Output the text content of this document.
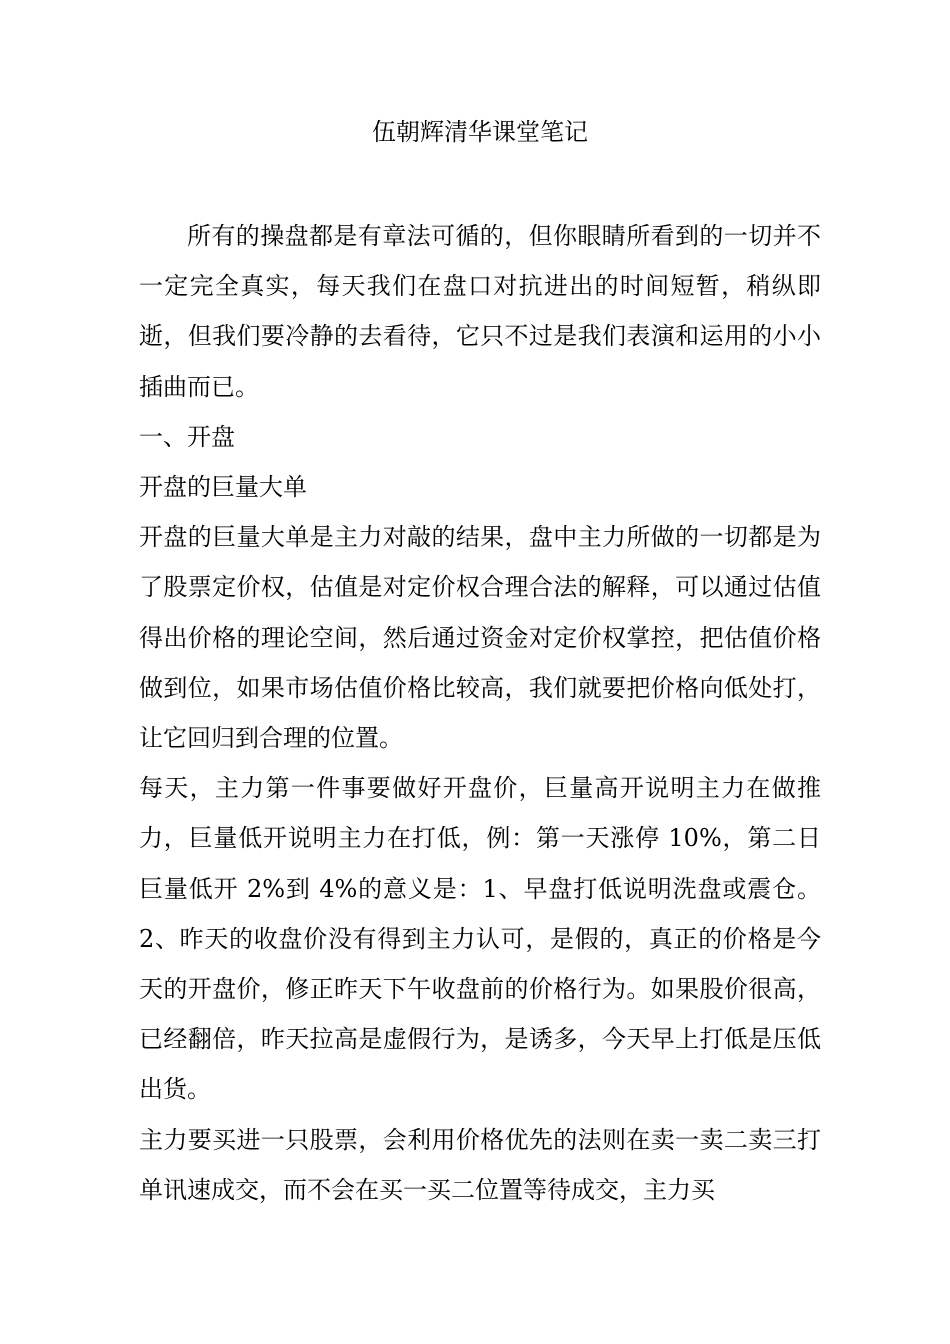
伍朝辉清华课堂笔记

所有的操盘都是有章法可循的，但你眼睛所看到的一切并不一定完全真实，每天我们在盘口对抗进出的时间短暂，稍纵即逝，但我们要冷静的去看待，它只不过是我们表演和运用的小小插曲而已。

一、开盘

开盘的巨量大单

开盘的巨量大单是主力对敲的结果，盘中主力所做的一切都是为了股票定价权，估值是对定价权合理合法的解释，可以通过估值得出价格的理论空间，然后通过资金对定价权掌控，把估值价格做到位，如果市场估值价格比较高，我们就要把价格向低处打，让它回归到合理的位置。

每天，主力第一件事要做好开盘价，巨量高开说明主力在做推力，巨量低开说明主力在打低，例：第一天涨停 10%，第二日巨量低开 2%到 4%的意义是：1、早盘打低说明洗盘或震仓。2、昨天的收盘价没有得到主力认可，是假的，真正的价格是今天的开盘价，修正昨天下午收盘前的价格行为。如果股价很高，已经翻倍，昨天拉高是虚假行为，是诱多，今天早上打低是压低出货。

主力要买进一只股票，会利用价格优先的法则在卖一卖二卖三打单讯速成交，而不会在买一买二位置等待成交，主力买
